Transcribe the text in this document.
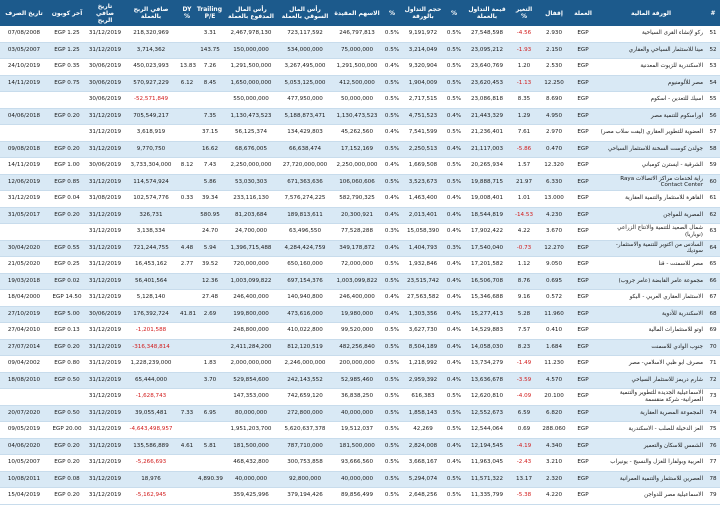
#	الورقة المالية	العملة	إقفال	التغير %	قيمة التداول بالعملة	%	حجم التداول بالورقة	%	الاسهم المقيدة	رأس المال السوقي بالعملة	رأس المال المدفوع بالعملة	Trailing P/E	DY %	صافي الربح بالعملة	تاريخ صافي الربح	آخر كوبون	تاريخ الصرف
51	ركو لإنشاء القرى السياحية	EGP	2.930	-4.56	27,548,598	0.5%	9,191,972	0.5%	246,797,813	723,117,592	2,467,978,130	3.31		218,320,969	31/12/2019	EGP 1.25	07/08/2008
52	مينا للاستثمار السياحي والعقاري	EGP	2.150	-1.93	23,095,212	0.5%	3,214,049	0.5%	75,000,000	534,000,000	150,000,000	143.75		3,714,362	31/12/2019	EGP 1.25	03/05/2007
53	الاسكندرية للزيوت المعدنية	EGP	2.530	1.20	23,640,769	0.5%	9,320,904	0.4%	1,291,500,000	3,267,495,000	1,291,500,000	7.26	13.83	450,023,993	30/06/2019	EGP 0.35	24/10/2019
54	مصر للألومنيوم	EGP	12.250	-1.13	23,620,453	0.5%	1,904,009	0.5%	412,500,000	5,053,125,000	1,650,000,000	8.45	6.12	570,927,229	30/06/2019	EGP 0.75	14/11/2019
55	اسيك للتعدين - اسكوم	EGP	8.690	8.35	23,086,818	0.5%	2,717,515	0.5%	50,000,000	477,950,000	550,000,000			-52,571,849	30/06/2019		
56	اوراسكوم للتنمية مصر	EGP	4.950	1.29	21,443,329	0.4%	4,751,523	0.5%	1,130,473,523	5,188,873,471	1,130,473,523	7.35		705,549,217	31/12/2019	EGP 0.20	04/06/2018
57	العضوية للتطوير العقاري (ليفت سلاب مصر)	EGP	2.970	7.61	21,236,401	0.5%	7,541,599	0.4%	45,262,560	134,429,803	56,125,374	37.15		3,618,919	31/12/2019		
58	جولدن كوست السخنة للاستثمار السياحي	EGP	0.470	-5.86	21,117,003	0.4%	2,250,513	0.5%	17,152,169	66,638,474	68,676,005	16.62		9,770,750	31/12/2019	EGP 0.20	09/08/2018
59	الشرقية - ايسترن كومباني	EGP	12.320	1.57	20,265,934	0.5%	1,669,508	0.4%	2,250,000,000	27,720,000,000	2,250,000,000	7.43	8.12	3,733,304,000	30/06/2019	EGP 1.00	14/11/2019
60	راية لخدمات مراكز الاتصالات Raya Contact Center	EGP	6.330	21.97	19,888,715	0.5%	3,523,673	0.5%	106,060,606	671,363,636	53,030,303	5.86		114,574,924	31/12/2019	EGP 0.85	12/06/2019
61	القاهرة للاستثمار والتنمية العقارية	EGP	13.000	1.01	19,008,401	0.4%	1,463,400	0.4%	582,790,325	7,576,274,225	233,116,130	39.34	0.33	102,574,776	31/08/2019	EGP 0.04	31/12/2019
62	المصرية للمواجن	EGP	4.230	-14.53	18,544,819	0.4%	2,013,401	0.4%	20,300,921	189,813,611	81,203,684	580.95		326,731	31/12/2019	EGP 0.20	31/05/2017
63	شمال الصعيد للتنمية والانتاج الزراعي (نوباريا)	EGP	3.670	4.22	17,902,422	0.4%	15,058,390	0.3%	77,528,288	63,496,550	24,700,000	24.70		3,138,334	31/12/2019		
64	السادس من اكتوبر للتنمية والاستثمار- سوديك	EGP	12.270	-0.73	17,540,040	0.3%	1,404,793	0.4%	349,178,872	4,284,424,759	1,396,715,488	5.94	4.48	721,244,755	31/12/2019	EGP 0.55	30/04/2020
65	مصر للاسمنت - قنا	EGP	9.050	1.12	17,201,582	0.4%	1,932,846	0.5%	72,000,000	650,160,000	720,000,000	39.52	2.77	16,453,162	31/12/2019	EGP 0.25	21/05/2020
66	مجموعة عامر القابضة (عامر جروب)	EGP	0.695	8.76	16,506,708	0.4%	23,515,742	0.5%	1,003,099,822	697,154,376	1,003,099,822	12.36		56,401,564	31/12/2019	EGP 0.02	19/03/2018
67	الاستثمار العقاري العربي - اليكو	EGP	0.572	9.16	15,346,688	0.4%	27,563,582	0.4%	246,400,000	140,940,800	246,400,000	27.48		5,128,140	31/12/2019	EGP 14.50	18/04/2000
68	الاسكندرية للأدوية	EGP	11.960	5.28	15,277,413	0.4%	1,303,356	0.4%	19,980,000	473,616,000	199,800,000	2.69	41.81	176,392,724	30/06/2019	EGP 5.00	27/10/2019
69	اوتو للاستثمارات المالية	EGP	0.410	7.57	14,529,883	0.4%	3,627,730	0.5%	99,520,000	410,022,800	248,800,000			-1,201,588	31/12/2019	EGP 0.13	27/04/2010
70	جنوب الوادي للاسمنت	EGP	1.684	8.23	14,058,030	0.4%	8,504,189	0.5%	482,256,840	812,120,519	2,411,284,200			-316,348,814	31/12/2019	EGP 0.20	27/07/2014
71	مصرف ابو ظبي الاسلامي- مصر	EGP	11.230	-1.49	13,734,279	0.4%	1,218,992	0.5%	200,000,000	2,246,000,000	2,000,000,000	1.83		1,228,239,000	31/12/2019	EGP 0.80	09/04/2002
72	شارم دريمز للاستثمار السياحي	EGP	4.570	-3.59	13,636,678	0.4%	2,959,392	0.5%	52,985,460	242,143,552	529,854,600	3.70		65,444,000	31/12/2019	EGP 0.50	18/08/2010
73	الاسماعيلية الجديدة للتطوير والتنمية العمرانية- شركة منقسمة	EGP	20.100	-4.09	12,620,810	0.5%	616,383	0.5%	36,838,250	742,659,120	147,353,000			-1,628,743	31/12/2019		
74	المجموعة المصرية العقارية	EGP	6.820	6.59	12,552,673	0.5%	1,858,143	0.5%	40,000,000	272,800,000	80,000,000	6.95	7.33	39,055,481	31/12/2019	EGP 0.50	20/07/2020
75	العز الدخيلة للصلب - الاسكندرية	EGP	288.060	0.69	12,544,064	0.5%	42,269	0.5%	19,512,037	5,620,637,378	1,951,203,700			-4,643,498,957	31/12/2019	EGP 20.00	09/05/2019
76	الشمس للاسكان والتعمير	EGP	4.340	-4.19	12,194,545	0.4%	2,824,008	0.5%	181,500,000	787,710,000	181,500,000	5.81	4.61	135,586,889	31/12/2019	EGP 0.20	04/06/2020
77	العربية وبولفارا للغزل والنسيج - يونيراب	EGP	3.210	-2.43	11,963,045	0.4%	3,668,167	0.5%	93,666,560	300,753,858	468,432,800			-5,266,693	31/12/2019	EGP 0.20	10/05/2007
78	العصرين للاستثمار والتنمية العمرانية	EGP	2.320	13.17	11,571,322	0.5%	5,294,074	0.5%	40,000,000	92,800,000	40,000,000	4,890.39		18,976	31/12/2019	EGP 0.08	10/08/2011
79	الاسماعيلية مصر للدواجن	EGP	4.220	-5.38	11,335,799	0.5%	2,648,256	0.5%	89,856,499	379,194,426	359,425,996			-5,162,945	31/12/2019	EGP 0.20	15/04/2019
